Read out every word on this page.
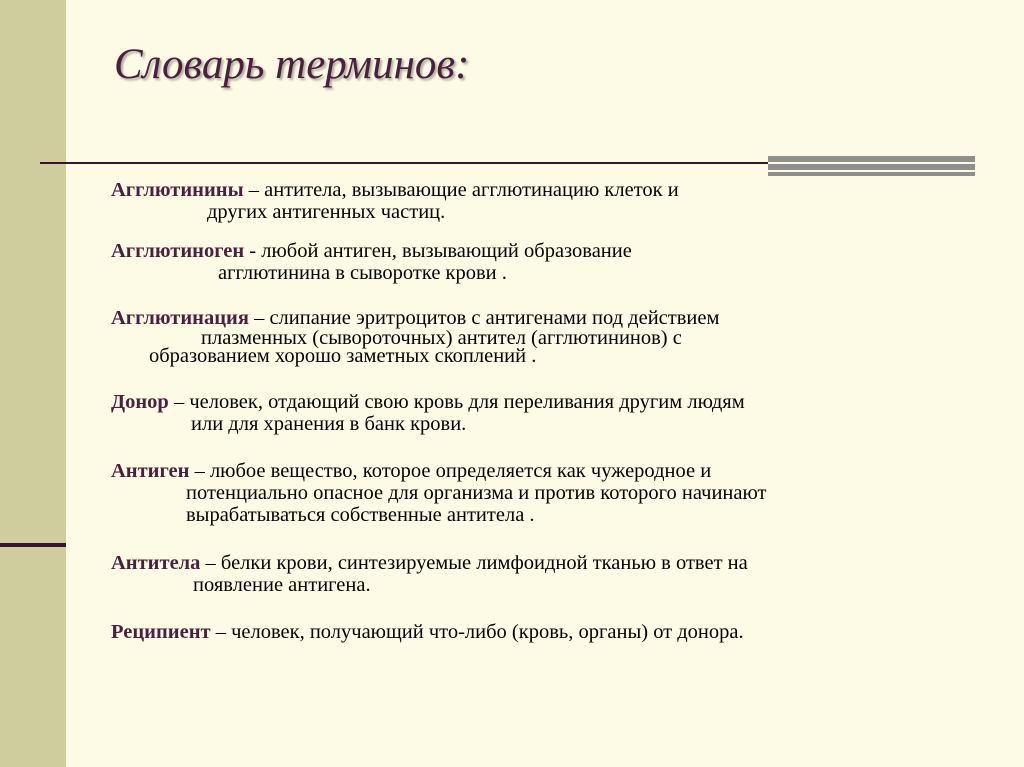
Словарь терминов:

Агглютинины – антитела, вызывающие агглютинацию клеток и
других антигенных частиц.

Агглютиноген - любой антиген, вызывающий образование
агглютинина в сыворотке крови .

Агглютинация – слипание эритроцитов с антигенами под действием
плазменных (сывороточных) антител (агглютининов) с
образованием хорошо заметных скоплений .

Донор – человек, отдающий свою кровь для переливания другим людям
или для хранения в банк крови.

Антиген – любое вещество, которое определяется как чужеродное и
потенциально опасное для организма и против которого начинают
вырабатываться собственные антитела .

Антитела – белки крови, синтезируемые лимфоидной тканью в ответ на
появление антигена.

Реципиент – человек, получающий что-либо (кровь, органы) от донора.
